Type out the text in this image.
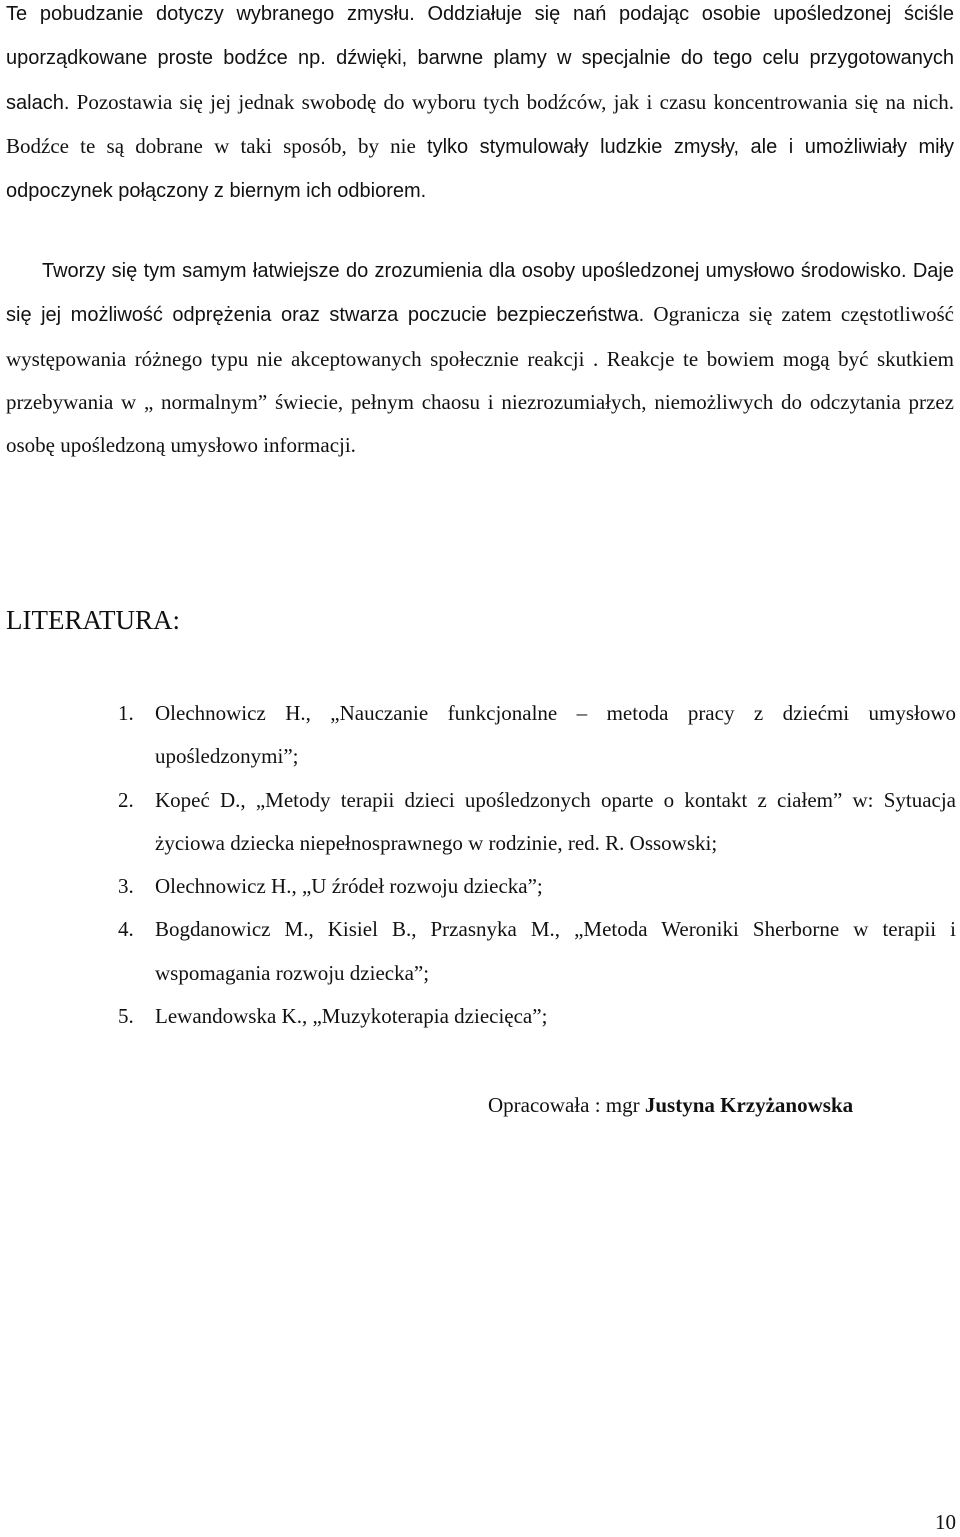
Te pobudzanie dotyczy wybranego zmysłu. Oddziałuje się nań podając osobie upośledzonej ściśle uporządkowane proste bodźce np. dźwięki, barwne plamy w specjalnie do tego celu przygotowanych salach. Pozostawia się jej jednak swobodę do wyboru tych bodźców, jak i czasu koncentrowania się na nich. Bodźce te są dobrane w taki sposób, by nie tylko stymulowały ludzkie zmysły, ale i umożliwiały miły odpoczynek połączony z biernym ich odbiorem.

Tworzy się tym samym łatwiejsze do zrozumienia dla osoby upośledzonej umysłowo środowisko. Daje się jej możliwość odprężenia oraz stwarza poczucie bezpieczeństwa. Ogranicza się zatem częstotliwość występowania różnego typu nie akceptowanych społecznie reakcji . Reakcje te bowiem mogą być skutkiem przebywania w „ normalnym” świecie, pełnym chaosu i niezrozumiałych, niemożliwych do odczytania przez osobę upośledzoną umysłowo informacji.

LITERATURA:
1.	Olechnowicz H., „Nauczanie funkcjonalne – metoda pracy z dziećmi umysłowo upośledzonymi”;
2.	Kopeć D., „Metody terapii dzieci upośledzonych oparte o kontakt z ciałem” w: Sytuacja życiowa dziecka niepełnosprawnego w rodzinie, red. R. Ossowski;
3.	Olechnowicz H., „U źródeł rozwoju dziecka”;
4.	Bogdanowicz M., Kisiel B., Przasnyka M., „Metoda Weroniki Sherborne w terapii i wspomagania rozwoju dziecka”;
5.	Lewandowska K., „Muzykoterapia dziecięca”;

Opracowała : mgr Justyna Krzyżanowska

10
